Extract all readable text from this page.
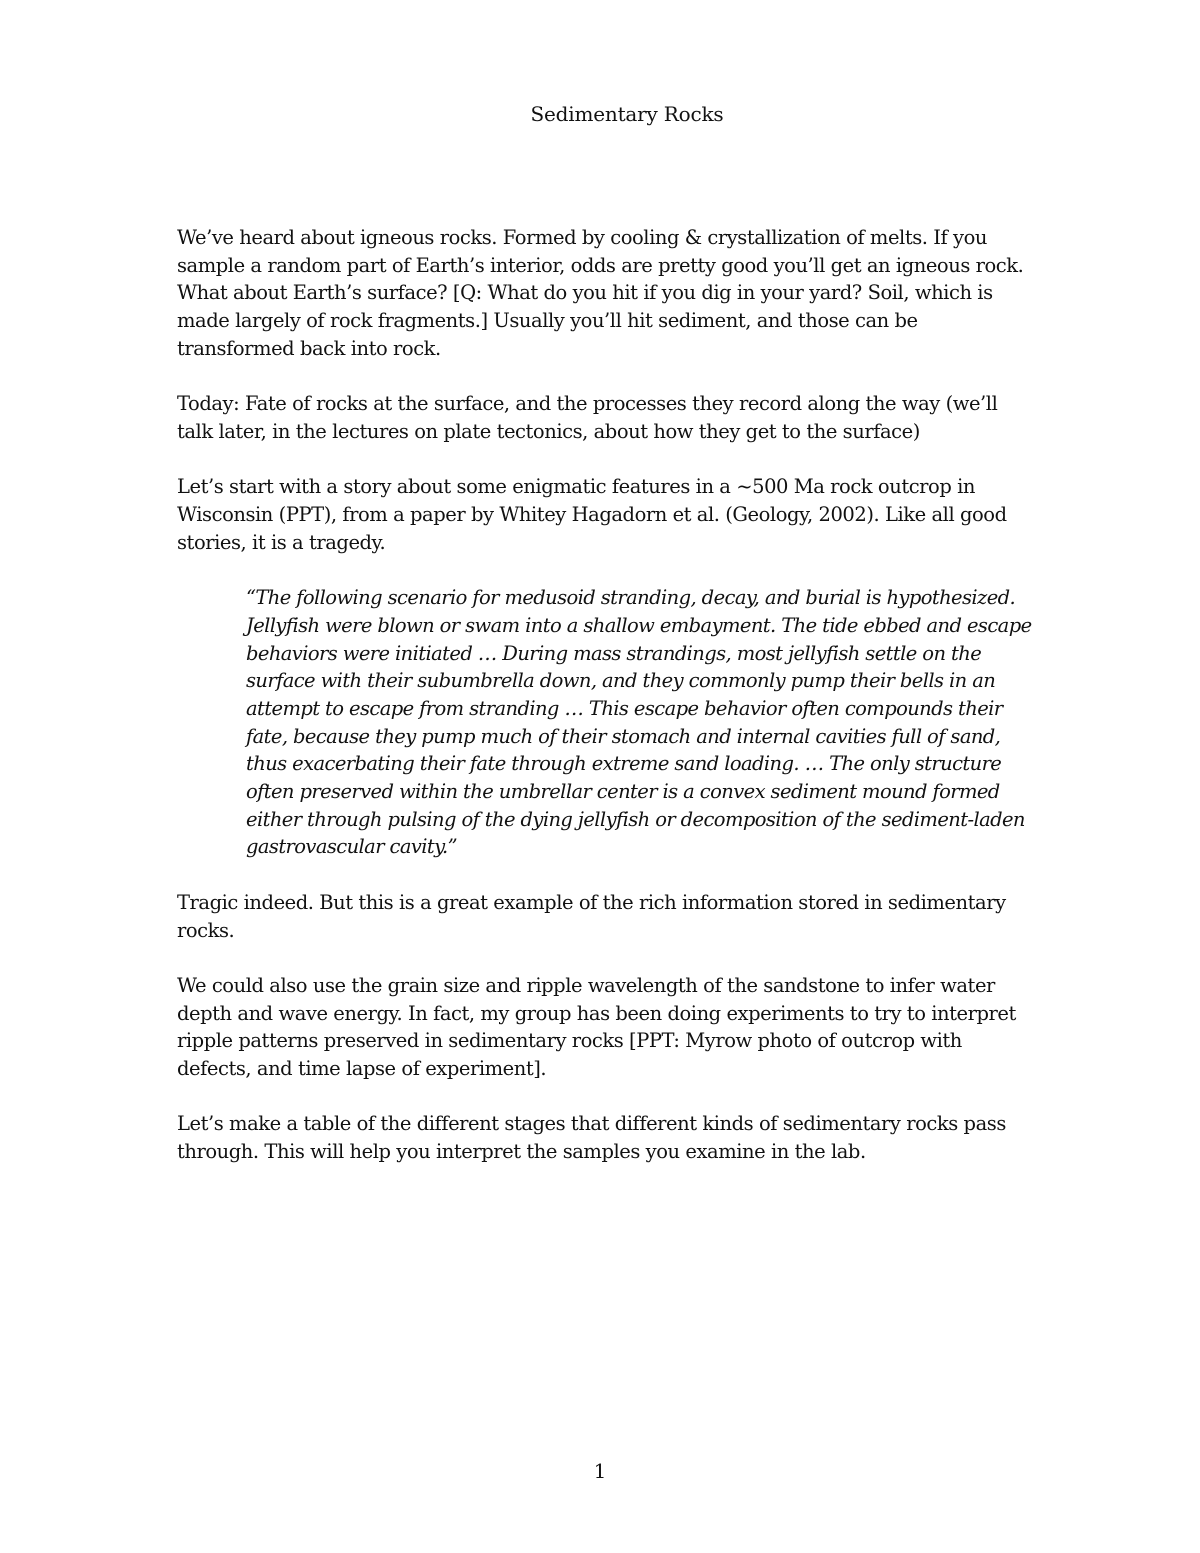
Sedimentary Rocks

We’ve heard about igneous rocks. Formed by cooling & crystallization of melts. If you sample a random part of Earth’s interior, odds are pretty good you’ll get an igneous rock. What about Earth’s surface? [Q: What do you hit if you dig in your yard? Soil, which is made largely of rock fragments.] Usually you’ll hit sediment, and those can be transformed back into rock.

Today: Fate of rocks at the surface, and the processes they record along the way (we’ll talk later, in the lectures on plate tectonics, about how they get to the surface)

Let’s start with a story about some enigmatic features in a ~500 Ma rock outcrop in Wisconsin (PPT), from a paper by Whitey Hagadorn et al. (Geology, 2002). Like all good stories, it is a tragedy.

“The following scenario for medusoid stranding, decay, and burial is hypothesized. Jellyfish were blown or swam into a shallow embayment. The tide ebbed and escape behaviors were initiated … During mass strandings, most jellyfish settle on the surface with their subumbrella down, and they commonly pump their bells in an attempt to escape from stranding … This escape behavior often compounds their fate, because they pump much of their stomach and internal cavities full of sand, thus exacerbating their fate through extreme sand loading. … The only structure often preserved within the umbrellar center is a convex sediment mound formed either through pulsing of the dying jellyfish or decomposition of the sediment-laden gastrovascular cavity.”

Tragic indeed. But this is a great example of the rich information stored in sedimentary rocks.

We could also use the grain size and ripple wavelength of the sandstone to infer water depth and wave energy. In fact, my group has been doing experiments to try to interpret ripple patterns preserved in sedimentary rocks [PPT: Myrow photo of outcrop with defects, and time lapse of experiment].

Let’s make a table of the different stages that different kinds of sedimentary rocks pass through. This will help you interpret the samples you examine in the lab.

1
